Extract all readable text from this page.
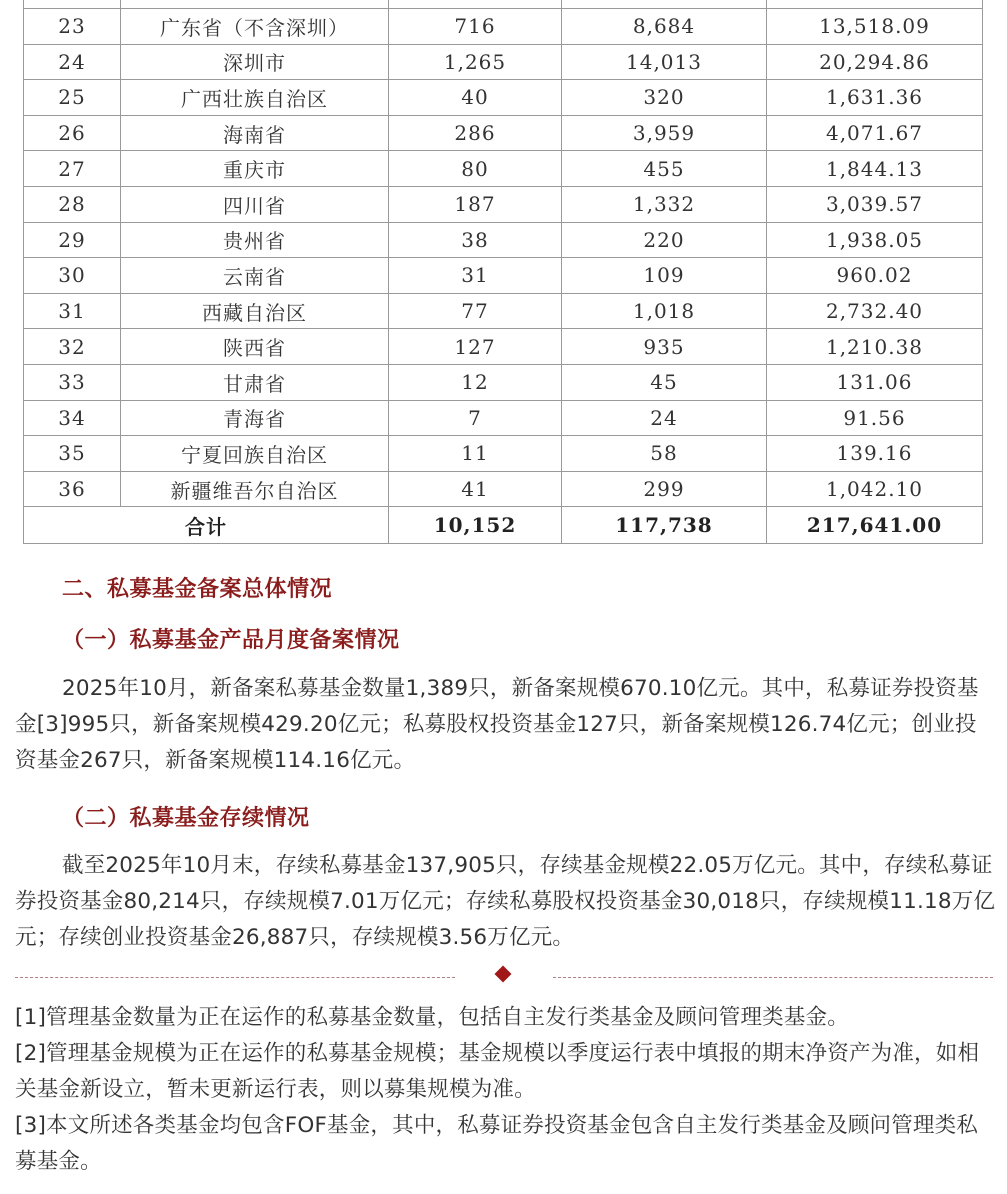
23	广东省（不含深圳）	716	8,684	13,518.09
24	深圳市	1,265	14,013	20,294.86
25	广西壮族自治区	40	320	1,631.36
26	海南省	286	3,959	4,071.67
27	重庆市	80	455	1,844.13
28	四川省	187	1,332	3,039.57
29	贵州省	38	220	1,938.05
30	云南省	31	109	960.02
31	西藏自治区	77	1,018	2,732.40
32	陕西省	127	935	1,210.38
33	甘肃省	12	45	131.06
34	青海省	7	24	91.56
35	宁夏回族自治区	11	58	139.16
36	新疆维吾尔自治区	41	299	1,042.10
合计		10,152	117,738	217,641.00
二、私募基金备案总体情况
（一）私募基金产品月度备案情况

2025年10月，新备案私募基金数量1,389只，新备案规模670.10亿元。其中，私募证券投资基金[3]995只，新备案规模429.20亿元；私募股权投资基金127只，新备案规模126.74亿元；创业投资基金267只，新备案规模114.16亿元。

（二）私募基金存续情况

截至2025年10月末，存续私募基金137,905只，存续基金规模22.05万亿元。其中，存续私募证券投资基金80,214只，存续规模7.01万亿元；存续私募股权投资基金30,018只，存续规模11.18万亿元；存续创业投资基金26,887只，存续规模3.56万亿元。

[1]管理基金数量为正在运作的私募基金数量，包括自主发行类基金及顾问管理类基金。

[2]管理基金规模为正在运作的私募基金规模；基金规模以季度运行表中填报的期末净资产为准，如相关基金新设立，暂未更新运行表，则以募集规模为准。

[3]本文所述各类基金均包含FOF基金，其中，私募证券投资基金包含自主发行类基金及顾问管理类私募基金。
